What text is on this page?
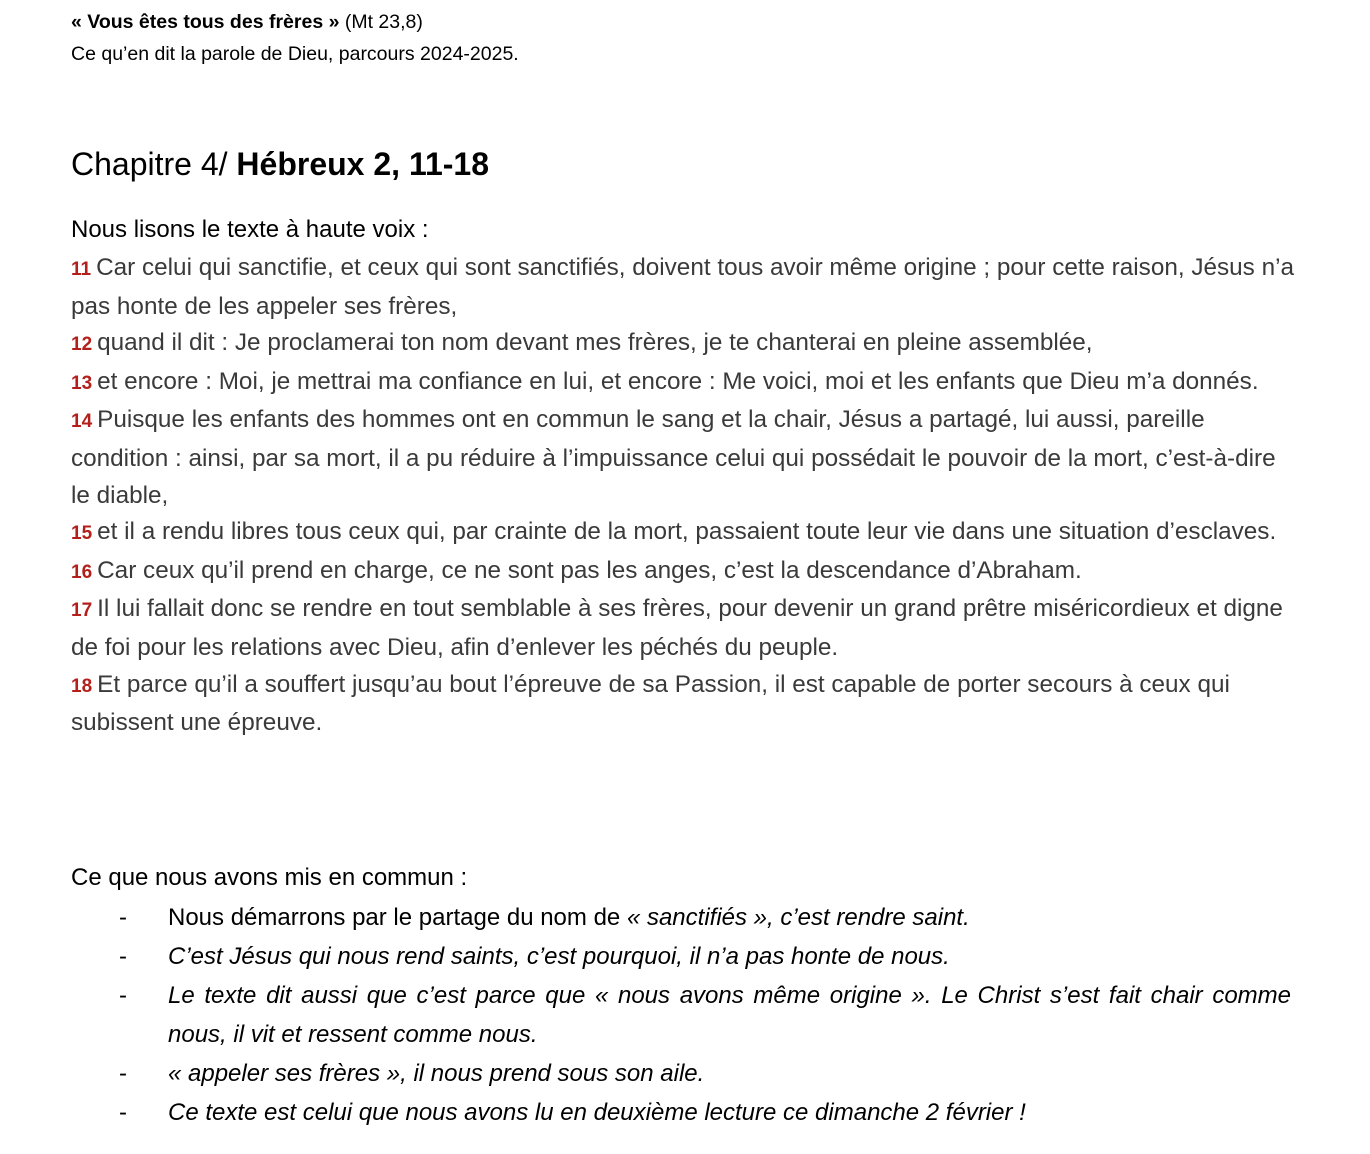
« Vous êtes tous des frères » (Mt 23,8)
Ce qu’en dit la parole de Dieu, parcours 2024-2025.
Chapitre 4/ Hébreux 2, 11-18
Nous lisons le texte à haute voix :
11 Car celui qui sanctifie, et ceux qui sont sanctifiés, doivent tous avoir même origine ; pour cette raison, Jésus n’a pas honte de les appeler ses frères,
12 quand il dit : Je proclamerai ton nom devant mes frères, je te chanterai en pleine assemblée,
13 et encore : Moi, je mettrai ma confiance en lui, et encore : Me voici, moi et les enfants que Dieu m’a donnés.
14 Puisque les enfants des hommes ont en commun le sang et la chair, Jésus a partagé, lui aussi, pareille condition : ainsi, par sa mort, il a pu réduire à l’impuissance celui qui possédait le pouvoir de la mort, c’est-à-dire le diable,
15 et il a rendu libres tous ceux qui, par crainte de la mort, passaient toute leur vie dans une situation d’esclaves.
16 Car ceux qu’il prend en charge, ce ne sont pas les anges, c’est la descendance d’Abraham.
17 Il lui fallait donc se rendre en tout semblable à ses frères, pour devenir un grand prêtre miséricordieux et digne de foi pour les relations avec Dieu, afin d’enlever les péchés du peuple.
18 Et parce qu’il a souffert jusqu’au bout l’épreuve de sa Passion, il est capable de porter secours à ceux qui subissent une épreuve.
Ce que nous avons mis en commun :
- Nous démarrons par le partage du nom de « sanctifiés », c’est rendre saint.
- C’est Jésus qui nous rend saints, c’est pourquoi, il n’a pas honte de nous.
- Le texte dit aussi que c’est parce que « nous avons même origine ». Le Christ s’est fait chair comme nous, il vit et ressent comme nous.
- « appeler ses frères », il nous prend sous son aile.
- Ce texte est celui que nous avons lu en deuxième lecture ce dimanche 2 février !
